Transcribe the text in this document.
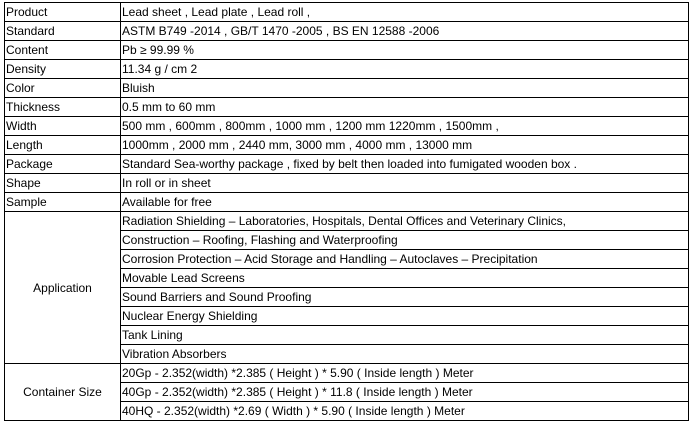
Product	Lead sheet , Lead plate , Lead roll ,
Standard	ASTM B749 -2014 , GB/T 1470 -2005 , BS EN 12588 -2006
Content	Pb ≥ 99.99 %
Density	11.34 g / cm 2
Color	Bluish
Thickness	0.5 mm to 60 mm
Width	500 mm , 600mm , 800mm , 1000 mm , 1200 mm 1220mm , 1500mm ,
Length	1000mm , 2000 mm , 2440 mm, 3000 mm , 4000 mm , 13000 mm
Package	Standard Sea-worthy package , fixed by belt then loaded into fumigated wooden box .
Shape	In roll or in sheet
Sample	Available for free
Application	Radiation Shielding – Laboratories, Hospitals, Dental Offices and Veterinary Clinics,
	Construction – Roofing, Flashing and Waterproofing
	Corrosion Protection – Acid Storage and Handling – Autoclaves – Precipitation
	Movable Lead Screens
	Sound Barriers and Sound Proofing
	Nuclear Energy Shielding
	Tank Lining
	Vibration Absorbers
Container Size	20Gp - 2.352(width) *2.385 ( Height ) * 5.90 ( Inside length ) Meter
	40Gp - 2.352(width) *2.385 ( Height ) * 11.8 ( Inside length ) Meter
	40HQ - 2.352(width) *2.69 ( Width ) * 5.90 ( Inside length ) Meter
